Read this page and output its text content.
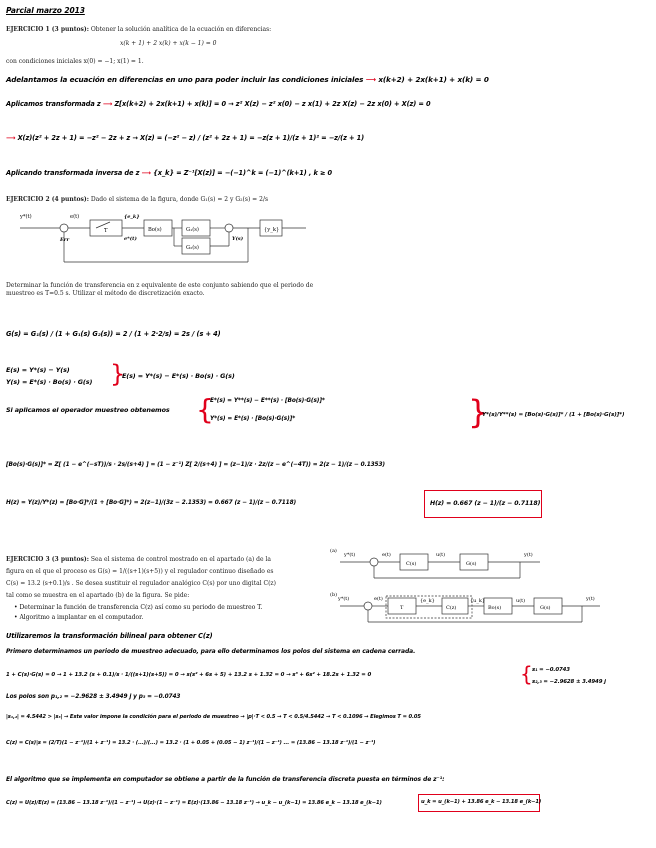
Parcial marzo 2013
EJERCICIO 1 (3 puntos): Obtener la solución analítica de la ecuación en diferencias:
x(k + 1) + 2 x(k) + x(k − 1) = 0
con condiciones iniciales x(0) = −1; x(1) = 1.
Adelantamos la ecuación en diferencias en uno para poder incluir las condiciones iniciales ⟶ x(k+2) + 2x(k+1) + x(k) = 0
Aplicamos transformada z ⟶ Z[x(k+2) + 2x(k+1) + x(k)] = 0 → z² X(z) − z² x(0) − z x(1) + 2z X(z) − 2z x(0) + X(z) = 0
⟶ X(z)(z² + 2z + 1) = −z² − 2z + z → X(z) = (−z² − z) / (z² + 2z + 1) = −z(z + 1)/(z + 1)² = −z/(z + 1)
Aplicando transformada inversa de z ⟶ {x_k} = Z⁻¹[X(z)] = −(−1)^k = (−1)^(k+1) , k ≥ 0
EJERCICIO 2 (4 puntos): Dado el sistema de la figura, donde G₁(s) = 2 y G₂(s) = 2/s
y*(t)	e(t)
T	Bo(s)	G₁(s)
G₂(s)
{y_k}
Err
{e_k}
e*(t)	Y(s)
Determinar la función de transferencia en z equivalente de este conjunto sabiendo que el periodo de muestreo es T=0.5 s. Utilizar el método de discretización exacto.
G(s) = G₁(s) / (1 + G₁(s) G₂(s)) = 2 / (1 + 2·2/s) = 2s / (s + 4)
E(s) = Y*(s) − Y(s)
Y(s) = E*(s) · Bo(s) · G(s) }
E(s) = Y*(s) − E*(s) · Bo(s) · G(s)
Si aplicamos el operador muestreo obtenemos {
E*(s) = Y**(s) − E**(s) · [Bo(s)·G(s)]*
Y*(s) = E*(s) · [Bo(s)·G(s)]*	}
Y*(s)/Y**(s) = [Bo(s)·G(s)]* / (1 + [Bo(s)·G(s)]*)
[Bo(s)·G(s)]* = Z[ (1 − e^(−sT))/s · 2s/(s+4) ] = (1 − z⁻¹) Z[ 2/(s+4) ] = (z−1)/z · 2z/(z − e^(−4T)) = 2(z − 1)/(z − 0.1353)
H(z) = Y(z)/Y*(z) = [Bo·G]*/(1 + [Bo·G]*) = 2(z−1)/(3z − 2.1353) = 0.667 (z − 1)/(z − 0.7118)	H(z) = 0.667 (z − 1)/(z − 0.7118)
EJERCICIO 3 (3 puntos): Sea el sistema de control mostrado en el apartado (a) de la
figura en el que el proceso es G(s) = 1/((s+1)(s+5)) y el regulador continuo diseñado es
C(s) = 13.2 (s+0.1)/s . Se desea sustituir el regulador analógico C(s) por uno digital C(z)
tal como se muestra en el apartado (b) de la figura. Se pide:
• Determinar la función de transferencia C(z) así como su periodo de muestreo T.
• Algoritmo a implantar en el computador.
(a)
y*(t)	e(t)
C(s)
u(t)
G(s)
y(t)
(b)
y*(t)	e(t)
T
{e_k}
C(z)
{u_k}
Bo(s)
u(t)
G(s)
y(t)
Utilizaremos la transformación bilineal para obtener C(z)
Primero determinamos un periodo de muestreo adecuado, para ello determinamos los polos del sistema en cadena cerrada.
1 + C(s)·G(s) = 0 → 1 + 13.2 (s + 0.1)/s · 1/((s+1)(s+5)) = 0 → s(s² + 6s + 5) + 13.2 s + 1.32 = 0 → s³ + 6s² + 18.2s + 1.32 = 0	{ s₁ = −0.0743
s₂,₃ = −2.9628 ± 3.4949 j
Los polos son p₁,₂ = −2.9628 ± 3.4949 j y p₃ = −0.0743
|s₁,₂| = 4.5442 > |s₃| → Este valor impone la condición para el periodo de muestreo → |p|·T < 0.5 → T < 0.5/4.5442 → T < 0.1096 → Elegimos T = 0.05
C(z) = C(s)|s = (2/T)(1 − z⁻¹)/(1 + z⁻¹) = 13.2 · (...)/(...) = 13.2 · (1 + 0.05 + (0.05 − 1) z⁻¹)/(1 − z⁻¹) ... = (13.86 − 13.18 z⁻¹)/(1 − z⁻¹)
El algoritmo que se implementa en computador se obtiene a partir de la función de transferencia discreta puesta en términos de z⁻¹:
C(z) = U(z)/E(z) = (13.86 − 13.18 z⁻¹)/(1 − z⁻¹) → U(z)·(1 − z⁻¹) = E(z)·(13.86 − 13.18 z⁻¹) → u_k − u_(k−1) = 13.86 e_k − 13.18 e_(k−1)	u_k = u_(k−1) + 13.86 e_k − 13.18 e_(k−1)
